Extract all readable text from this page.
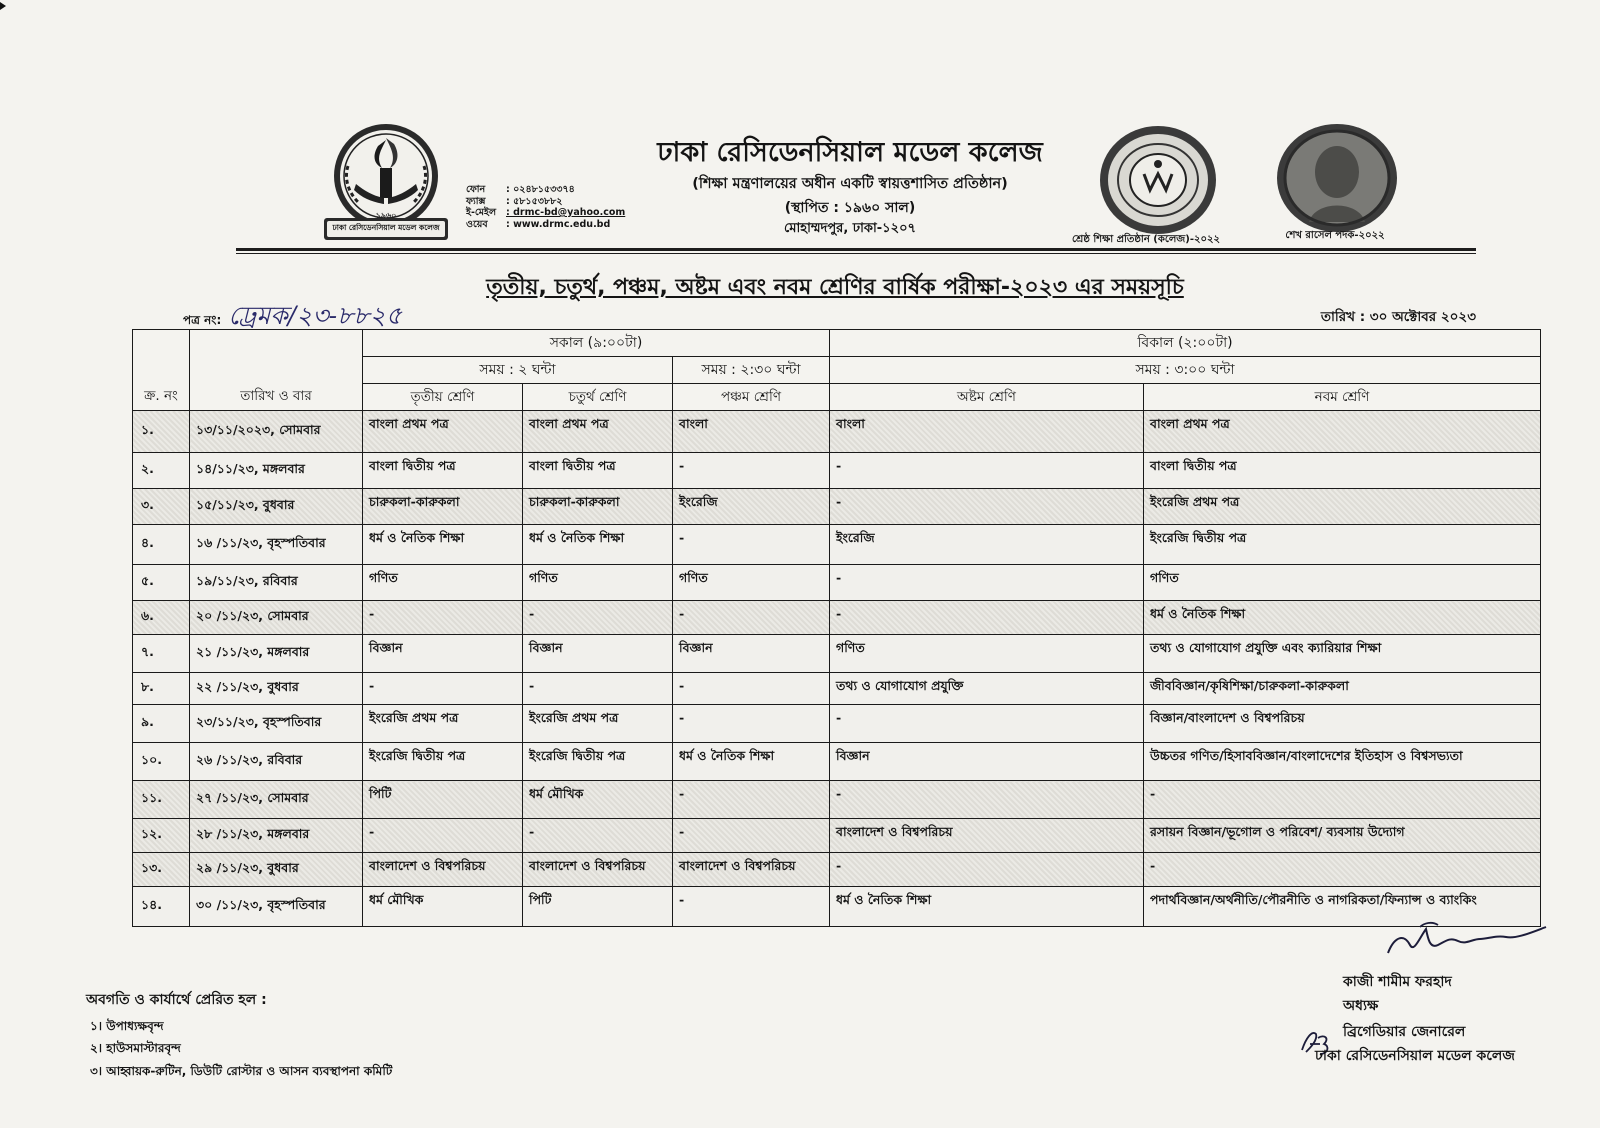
১৯৬০
ঢাকা রেসিডেনসিয়াল মডেল কলেজ
ফোন	: ০২৪৮১৫৩৩৭৪
ফ্যাক্স	: ৫৮১৫৩৮৮২
ই-মেইল	: drmc-bd@yahoo.com
ওয়েব	: www.drmc.edu.bd
ঢাকা রেসিডেনসিয়াল মডেল কলেজ
(শিক্ষা মন্ত্রণালয়ের অধীন একটি স্বায়ত্তশাসিত প্রতিষ্ঠান)
(স্থাপিত : ১৯৬০ সাল)
মোহাম্মদপুর, ঢাকা-১২০৭
শ্রেষ্ঠ শিক্ষা প্রতিষ্ঠান (কলেজ)-২০২২	শেখ রাসেল পদক-২০২২
তৃতীয়, চতুর্থ, পঞ্চম, অষ্টম এবং নবম শ্রেণির বার্ষিক পরীক্ষা-২০২৩ এর সময়সূচি
পত্র নং: ঢ্রেমক/২৩-৮৮২৫	তারিখ : ৩০ অক্টোবর ২০২৩
		সকাল (৯:০০টা)			বিকাল (২:০০টা)	
		সময় : ২ ঘন্টা		সময় : ২:৩০ ঘন্টা	সময় : ৩:০০ ঘন্টা	
ক্র. নং	তারিখ ও বার	তৃতীয় শ্রেণি	চতুর্থ শ্রেণি	পঞ্চম শ্রেণি	অষ্টম শ্রেণি	নবম শ্রেণি
১.	১৩/১১/২০২৩, সোমবার	বাংলা প্রথম পত্র	বাংলা প্রথম পত্র	বাংলা	বাংলা	বাংলা প্রথম পত্র
২.	১৪/১১/২৩, মঙ্গলবার	বাংলা দ্বিতীয় পত্র	বাংলা দ্বিতীয় পত্র	-	-	বাংলা দ্বিতীয় পত্র
৩.	১৫/১১/২৩, বুধবার	চারুকলা-কারুকলা	চারুকলা-কারুকলা	ইংরেজি	-	ইংরেজি প্রথম পত্র
৪.	১৬ /১১/২৩, বৃহস্পতিবার	ধর্ম ও নৈতিক শিক্ষা	ধর্ম ও নৈতিক শিক্ষা	-	ইংরেজি	ইংরেজি দ্বিতীয় পত্র
৫.	১৯/১১/২৩, রবিবার	গণিত	গণিত	গণিত	-	গণিত
৬.	২০ /১১/২৩, সোমবার	-	-	-	-	ধর্ম ও নৈতিক শিক্ষা
৭.	২১ /১১/২৩, মঙ্গলবার	বিজ্ঞান	বিজ্ঞান	বিজ্ঞান	গণিত	তথ্য ও যোগাযোগ প্রযুক্তি এবং ক্যারিয়ার শিক্ষা
৮.	২২ /১১/২৩, বুধবার	-	-	-	তথ্য ও যোগাযোগ প্রযুক্তি	জীববিজ্ঞান/কৃষিশিক্ষা/চারুকলা-কারুকলা
৯.	২৩/১১/২৩, বৃহস্পতিবার	ইংরেজি প্রথম পত্র	ইংরেজি প্রথম পত্র	-	-	বিজ্ঞান/বাংলাদেশ ও বিশ্বপরিচয়
১০.	২৬ /১১/২৩, রবিবার	ইংরেজি দ্বিতীয় পত্র	ইংরেজি দ্বিতীয় পত্র	ধর্ম ও নৈতিক শিক্ষা	বিজ্ঞান	উচ্চতর গণিত/হিসাববিজ্ঞান/বাংলাদেশের ইতিহাস ও বিশ্বসভ্যতা
১১.	২৭ /১১/২৩, সোমবার	পিটি	ধর্ম মৌখিক	-	-	-
১২.	২৮ /১১/২৩, মঙ্গলবার	-	-	-	বাংলাদেশ ও বিশ্বপরিচয়	রসায়ন বিজ্ঞান/ভূগোল ও পরিবেশ/ ব্যবসায় উদ্যোগ
১৩.	২৯ /১১/২৩, বুধবার	বাংলাদেশ ও বিশ্বপরিচয়	বাংলাদেশ ও বিশ্বপরিচয়	বাংলাদেশ ও বিশ্বপরিচয়	-	-
১৪.	৩০ /১১/২৩, বৃহস্পতিবার	ধর্ম মৌখিক	পিটি	-	ধর্ম ও নৈতিক শিক্ষা	পদার্থবিজ্ঞান/অর্থনীতি/পৌরনীতি ও নাগরিকতা/ফিন্যান্স ও ব্যাংকিং
অবগতি ও কার্যার্থে প্রেরিত হল :
১। উপাধ্যক্ষবৃন্দ
২। হাউসমাস্টারবৃন্দ
৩। আহ্বায়ক-রুটিন, ডিউটি রোস্টার ও আসন ব্যবস্থাপনা কমিটি
কাজী শামীম ফরহাদ
অধ্যক্ষ
ব্রিগেডিয়ার জেনারেল
ঢাকা রেসিডেনসিয়াল মডেল কলেজ
